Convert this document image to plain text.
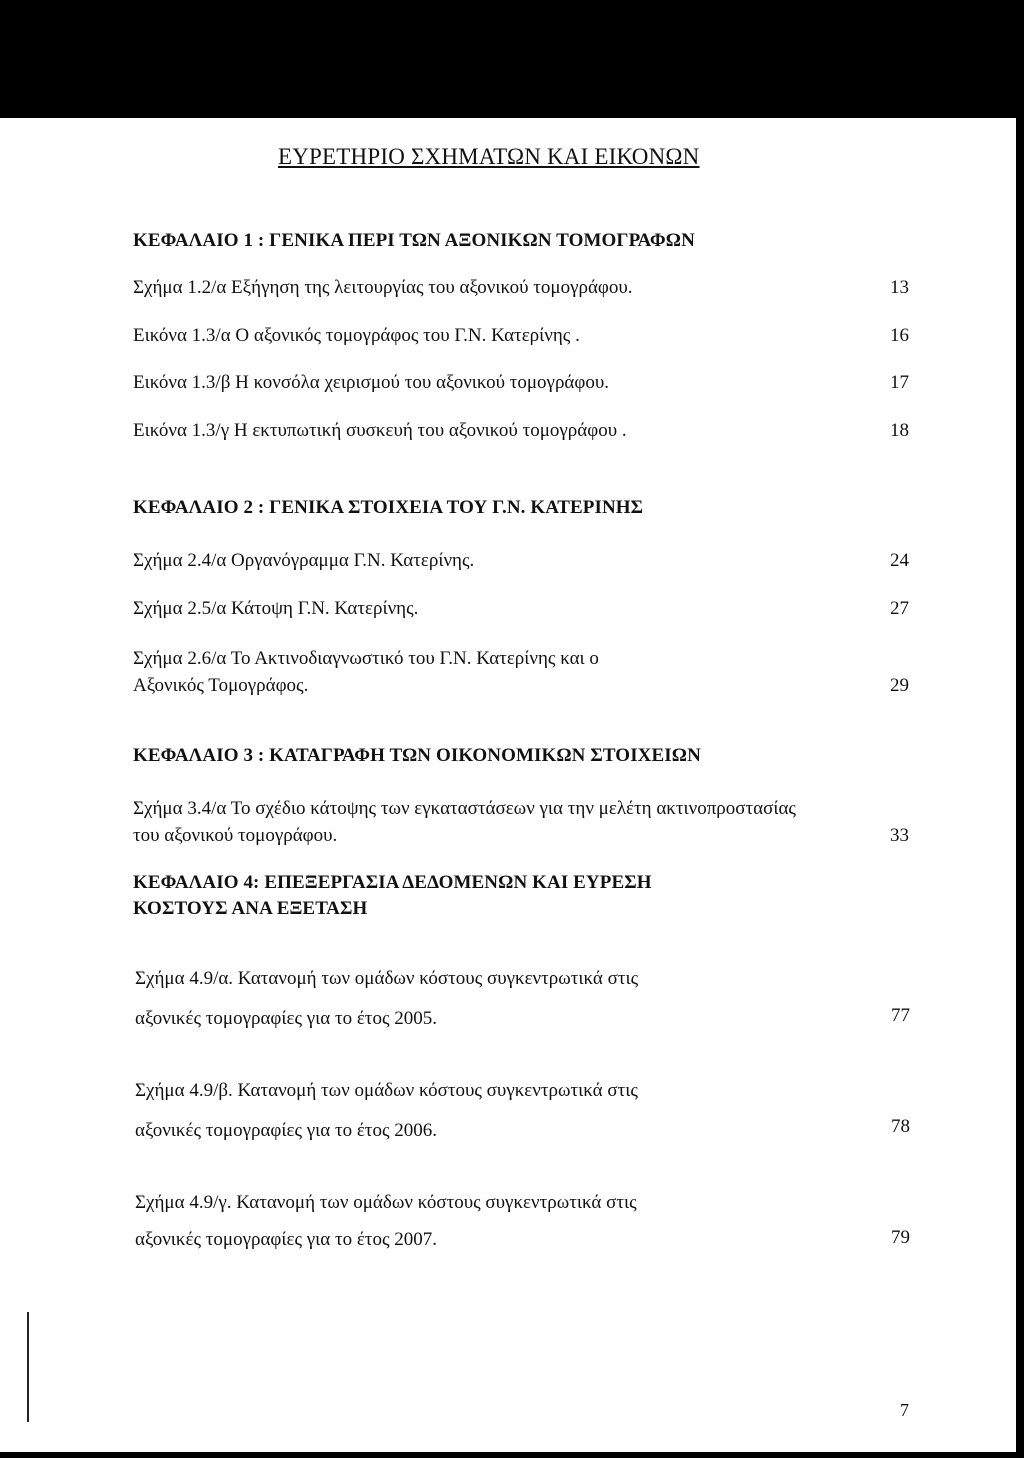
ΕΥΡΕΤΗΡΙΟ ΣΧΗΜΑΤΩΝ ΚΑΙ ΕΙΚΟΝΩΝ
ΚΕΦΑΛΑΙΟ 1 : ΓΕΝΙΚΑ ΠΕΡΙ ΤΩΝ ΑΞΟΝΙΚΩΝ ΤΟΜΟΓΡΑΦΩΝ
Σχήμα 1.2/α Εξήγηση της λειτουργίας του αξονικού τομογράφου.	13
Εικόνα 1.3/α Ο αξονικός τομογράφος του Γ.Ν. Κατερίνης .	16
Εικόνα 1.3/β Η κονσόλα χειρισμού του αξονικού τομογράφου.	17
Εικόνα 1.3/γ Η εκτυπωτική συσκευή του αξονικού τομογράφου .	18
ΚΕΦΑΛΑΙΟ 2 : ΓΕΝΙΚΑ ΣΤΟΙΧΕΙΑ ΤΟΥ Γ.Ν. ΚΑΤΕΡΙΝΗΣ
Σχήμα 2.4/α Οργανόγραμμα Γ.Ν. Κατερίνης.	24
Σχήμα 2.5/α Κάτοψη Γ.Ν. Κατερίνης.	27
Σχήμα 2.6/α Το Ακτινοδιαγνωστικό του Γ.Ν. Κατερίνης και ο
Αξονικός Τομογράφος.	29
ΚΕΦΑΛΑΙΟ 3 : ΚΑΤΑΓΡΑΦΗ ΤΩΝ ΟΙΚΟΝΟΜΙΚΩΝ ΣΤΟΙΧΕΙΩΝ
Σχήμα 3.4/α Το σχέδιο κάτοψης των εγκαταστάσεων για την μελέτη ακτινοπροστασίας
του αξονικού τομογράφου.	33
ΚΕΦΑΛΑΙΟ 4: ΕΠΕΞΕΡΓΑΣΙΑ ΔΕΔΟΜΕΝΩΝ ΚΑΙ ΕΥΡΕΣΗ
ΚΟΣΤΟΥΣ ΑΝΑ ΕΞΕΤΑΣΗ
Σχήμα 4.9/α. Κατανομή των ομάδων κόστους συγκεντρωτικά στις
αξονικές τομογραφίες για το έτος 2005.	77
Σχήμα 4.9/β. Κατανομή των ομάδων κόστους συγκεντρωτικά στις
αξονικές τομογραφίες για το έτος 2006.	78
Σχήμα 4.9/γ. Κατανομή των ομάδων κόστους συγκεντρωτικά στις
αξονικές τομογραφίες για το έτος 2007.	79
7
